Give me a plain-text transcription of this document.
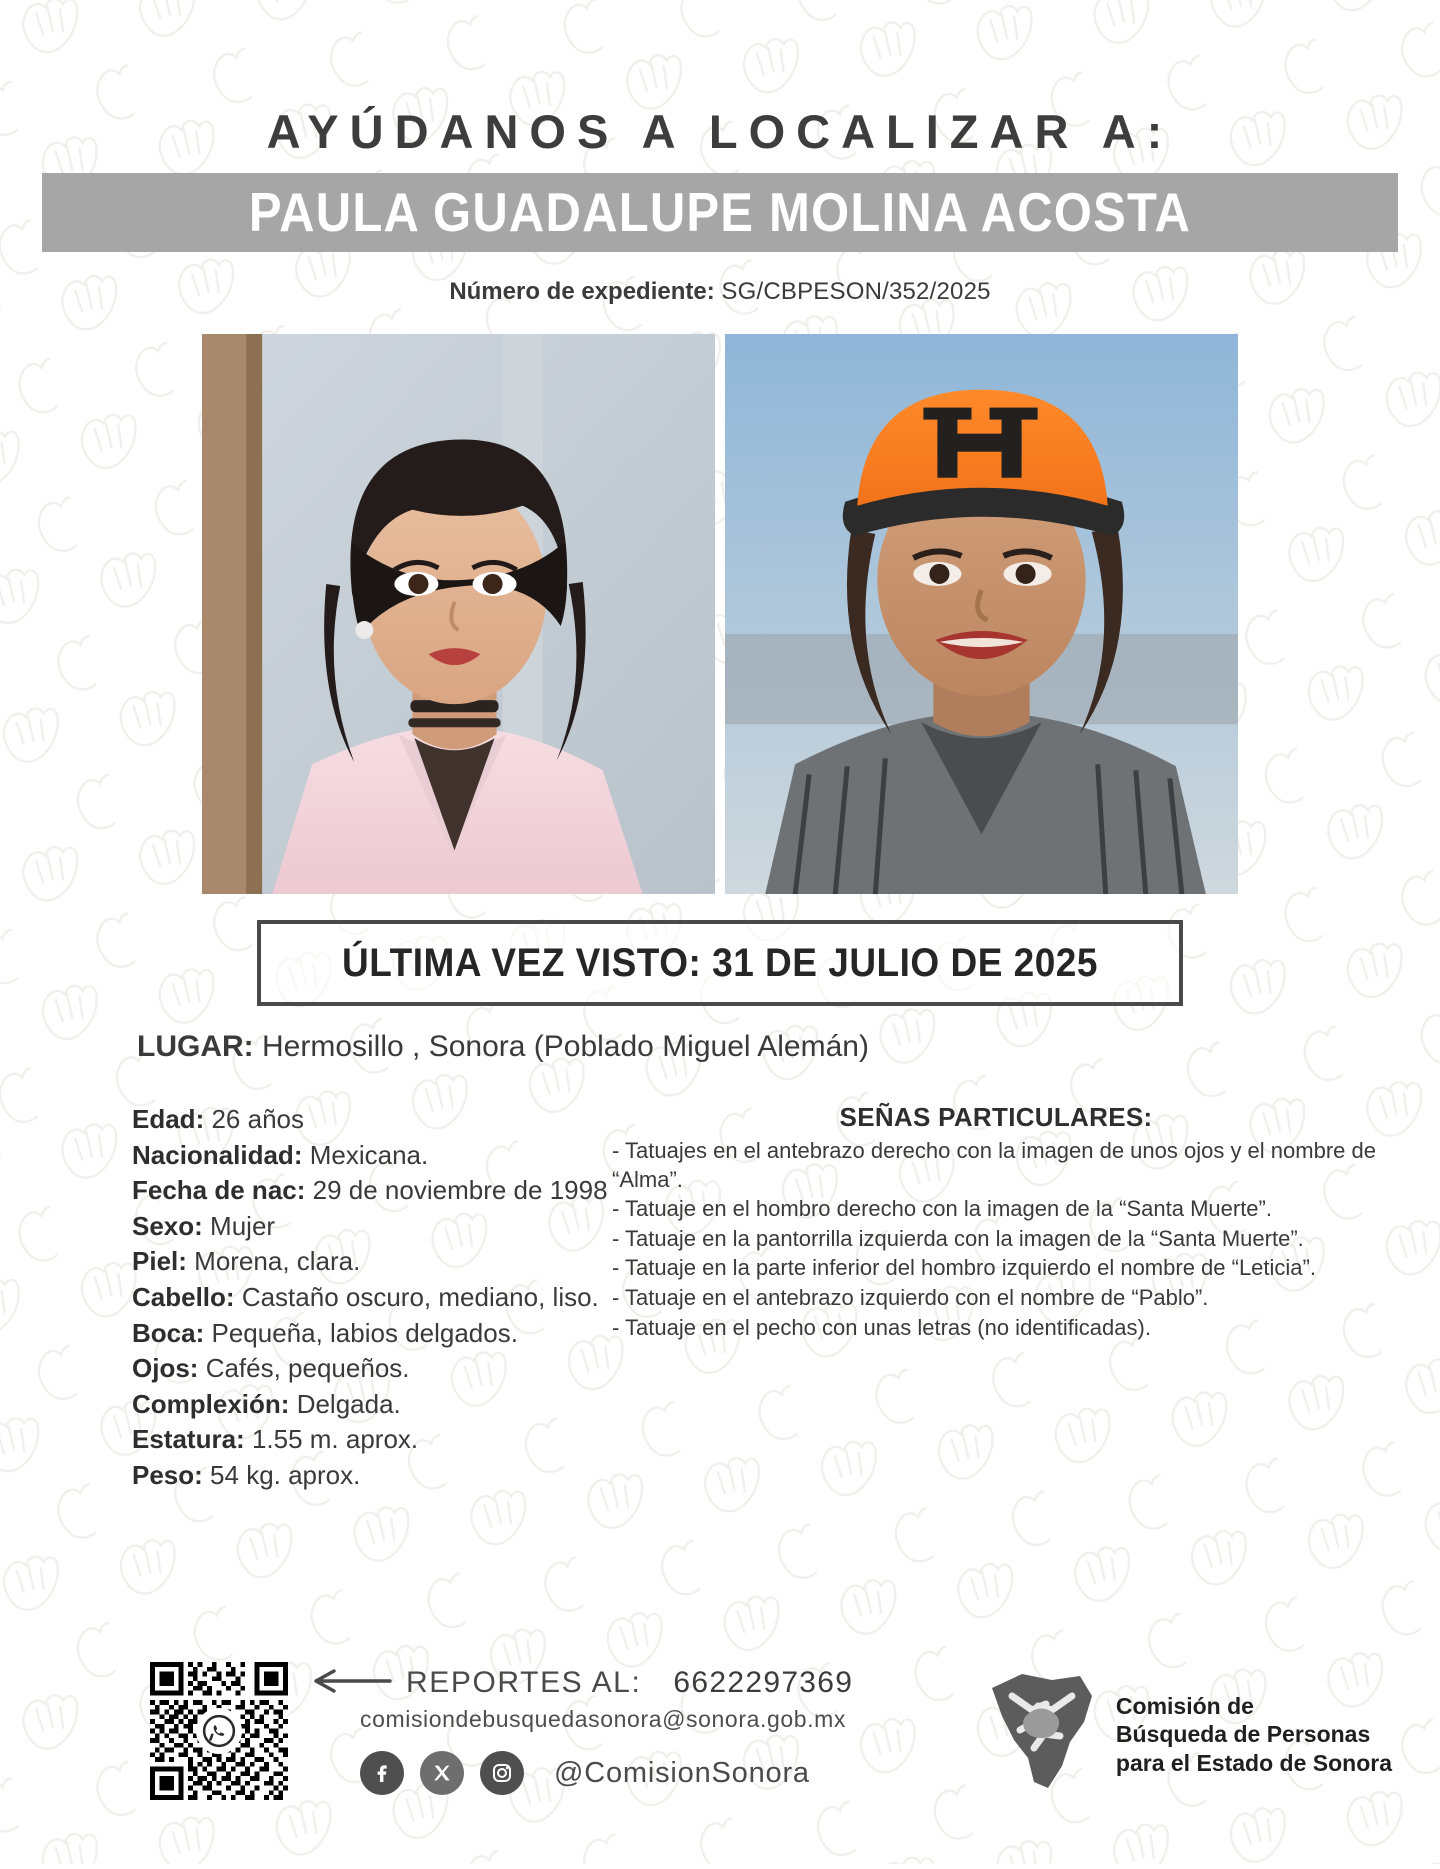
AYÚDANOS A LOCALIZAR A:
PAULA GUADALUPE MOLINA ACOSTA
Número de expediente: SG/CBPESON/352/2025
ÚLTIMA VEZ VISTO: 31 DE JULIO DE 2025
LUGAR: Hermosillo , Sonora (Poblado Miguel Alemán)
Edad: 26 años
Nacionalidad: Mexicana.
Fecha de nac: 29 de noviembre de 1998
Sexo: Mujer
Piel: Morena, clara.
Cabello: Castaño oscuro, mediano, liso.
Boca: Pequeña, labios delgados.
Ojos: Cafés, pequeños.
Complexión: Delgada.
Estatura: 1.55 m. aprox.
Peso: 54 kg. aprox.
SEÑAS PARTICULARES:
- Tatuajes en el antebrazo derecho con la imagen de unos ojos y el nombre de “Alma”.
- Tatuaje en el hombro derecho con la imagen de la “Santa Muerte”.
- Tatuaje en la pantorrilla izquierda con la imagen de la “Santa Muerte”.
- Tatuaje en la parte inferior del hombro izquierdo el nombre de “Leticia”.
- Tatuaje en el antebrazo izquierdo con el nombre de “Pablo”.
- Tatuaje en el pecho con unas letras (no identificadas).
REPORTES AL: 6622297369
comisiondebusquedasonora@sonora.gob.mx
@ComisionSonora
Comisión de
Búsqueda de Personas
para el Estado de Sonora
